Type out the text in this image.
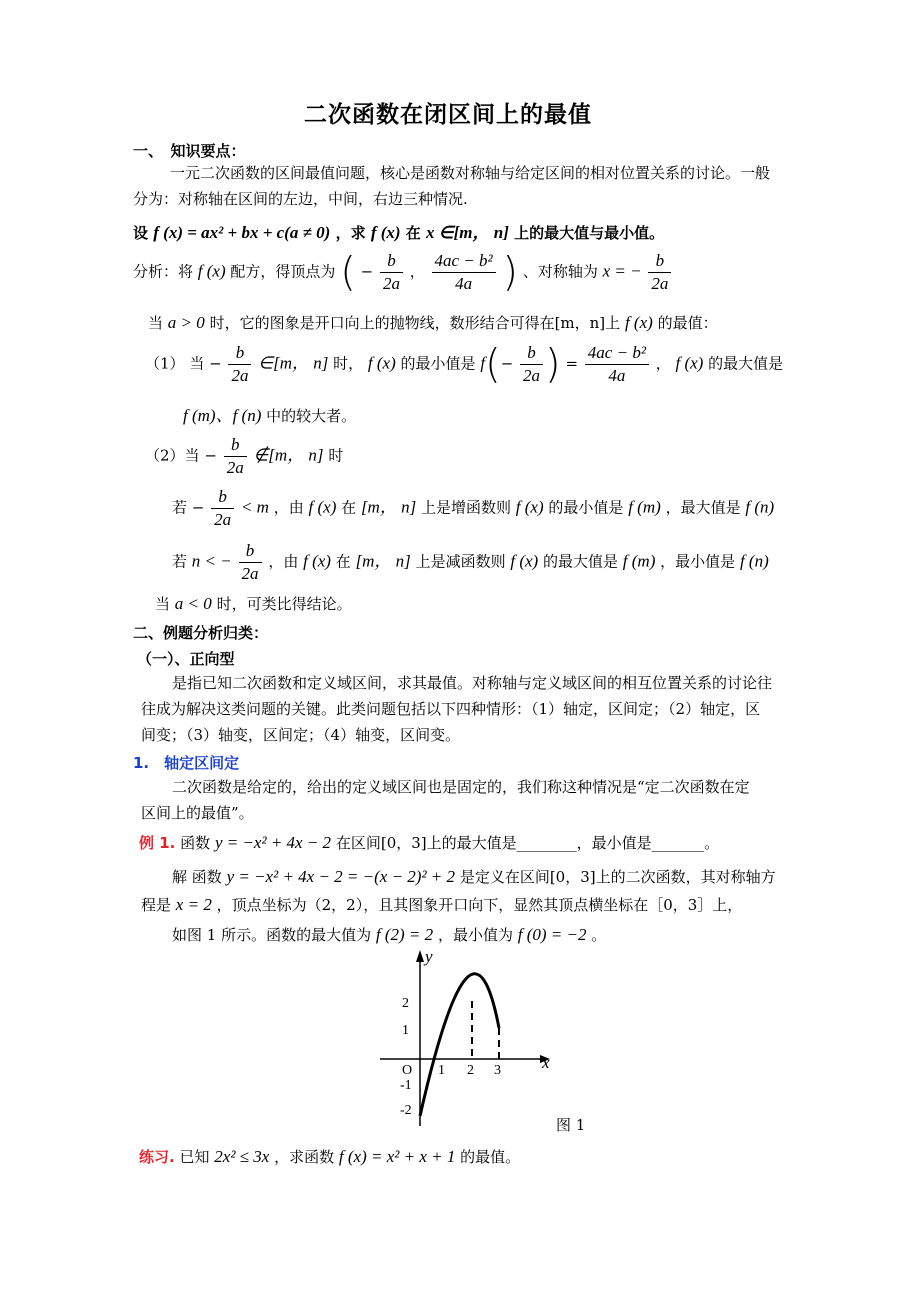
二次函数在闭区间上的最值
一、　知识要点：
一元二次函数的区间最值问题，核心是函数对称轴与给定区间的相对位置关系的讨论。一般
分为：对称轴在区间的左边，中间，右边三种情况.
设 f (x) = ax² + bx + c(a ≠ 0) ，求 f (x) 在 x ∈[m， n] 上的最大值与最小值。
分析：将 f (x) 配方，得顶点为 ( − $\frac{b}{2a}$ ， $\frac{\text{4ac − b²}}{4a}$ ) 、对称轴为 x = − $\frac{b}{2a}$
当 a > 0 时，它的图象是开口向上的抛物线，数形结合可得在[m，n]上 f (x) 的最值：
（1） 当 − $\frac{b}{2a}$ ∈[m， n] 时， f (x) 的最小值是 $f(- \frac{b}{2a}$ ) = $\frac{\text{4ac − b²}}{4a}$ ， f (x) 的最大值是
f (m)、f (n) 中的较大者。
（2）当 − $\frac{b}{2a}$ ∉[m， n] 时
若 − $\frac{b}{2a} < m$ ，由 f (x) 在 [m， n] 上是增函数则 f (x) 的最小值是 f (m) ，最大值是 f (n)
若 n < − $\frac{b}{2a}$ ，由 f (x) 在 [m， n] 上是减函数则 f (x) 的最大值是 f (m) ，最小值是 f (n)
当 a < 0 时，可类比得结论。
二、例题分析归类：
（一）、正向型
是指已知二次函数和定义域区间，求其最值。对称轴与定义域区间的相互位置关系的讨论往
往成为解决这类问题的关键。此类问题包括以下四种情形：（1）轴定，区间定；（2）轴定，区
间变；（3）轴变，区间定；（4）轴变，区间变。
1.　轴定区间定
二次函数是给定的，给出的定义域区间也是固定的，我们称这种情况是“定二次函数在定
区间上的最值”。
例 1. 函数 y = −x² + 4x − 2 在区间[0，3]上的最大值是________，最小值是_______。
解 函数 y = −x² + 4x − 2 = −(x − 2)² + 2 是定义在区间[0，3]上的二次函数，其对称轴方
程是 x = 2 ，顶点坐标为（2，2），且其图象开口向下，显然其顶点横坐标在［0，3］上，
如图 1 所示。函数的最大值为 f (2) = 2 ，最小值为 f (0) = −2 。
y
x
O 1 2 3
2
1
-1
-2
图 1
练习. 已知 2x² ≤ 3x ，求函数 f (x) = x² + x + 1 的最值。
